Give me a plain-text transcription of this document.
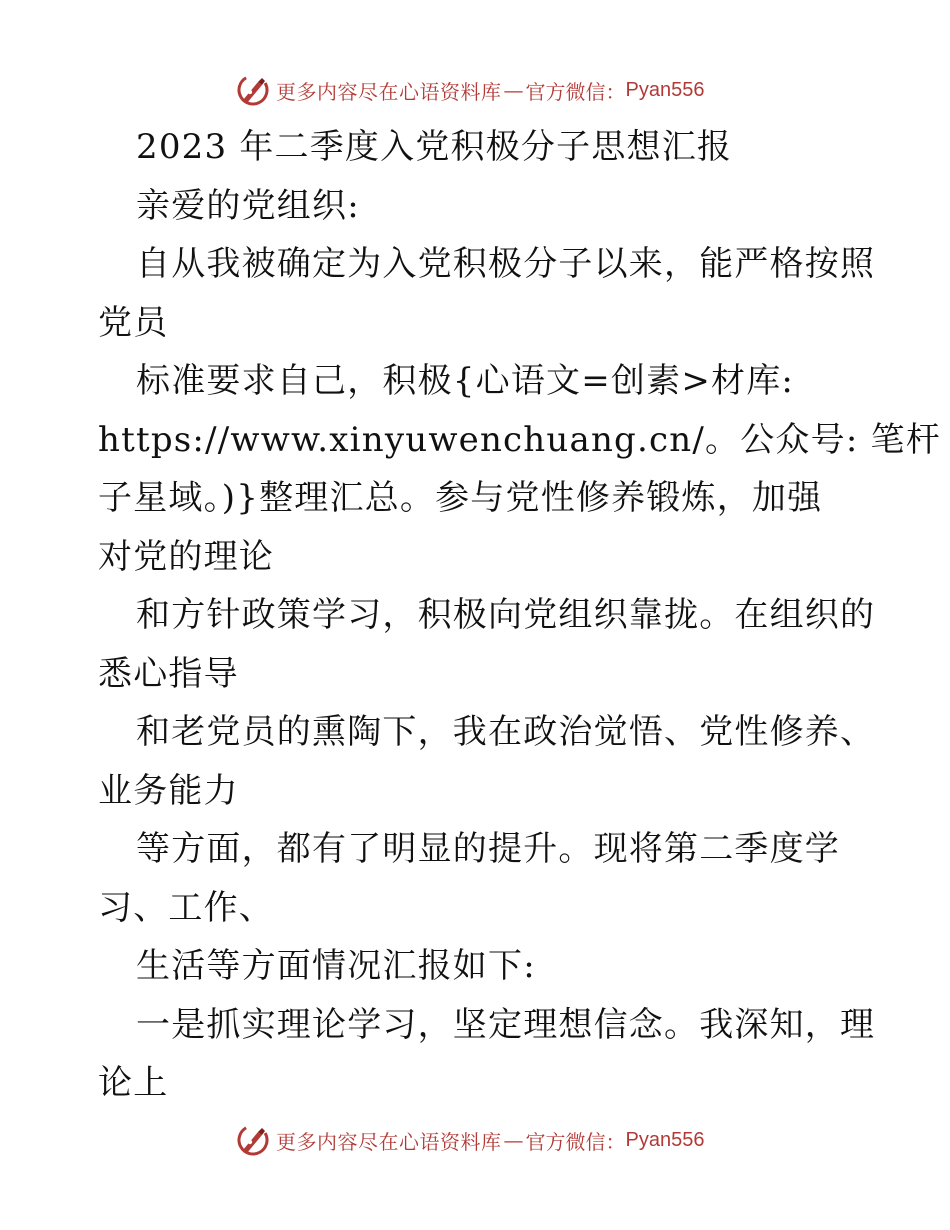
更多内容尽在心语资料库 — 官方微信： Pyan556
2023 年二季度入党积极分子思想汇报
亲爱的党组织:
自从我被确定为入党积极分子以来，能严格按照
党员
标准要求自己，积极{心语文=创素>材库:
https://www.xinyuwenchuang.cn/。公众号: 笔杆
子星域。)}整理汇总。参与党性修养锻炼，加强
对党的理论
和方针政策学习，积极向党组织靠拢。在组织的
悉心指导
和老党员的熏陶下，我在政治觉悟、党性修养、
业务能力
等方面，都有了明显的提升。现将第二季度学
习、工作、
生活等方面情况汇报如下:
一是抓实理论学习，坚定理想信念。我深知，理
论上
更多内容尽在心语资料库 — 官方微信： Pyan556
